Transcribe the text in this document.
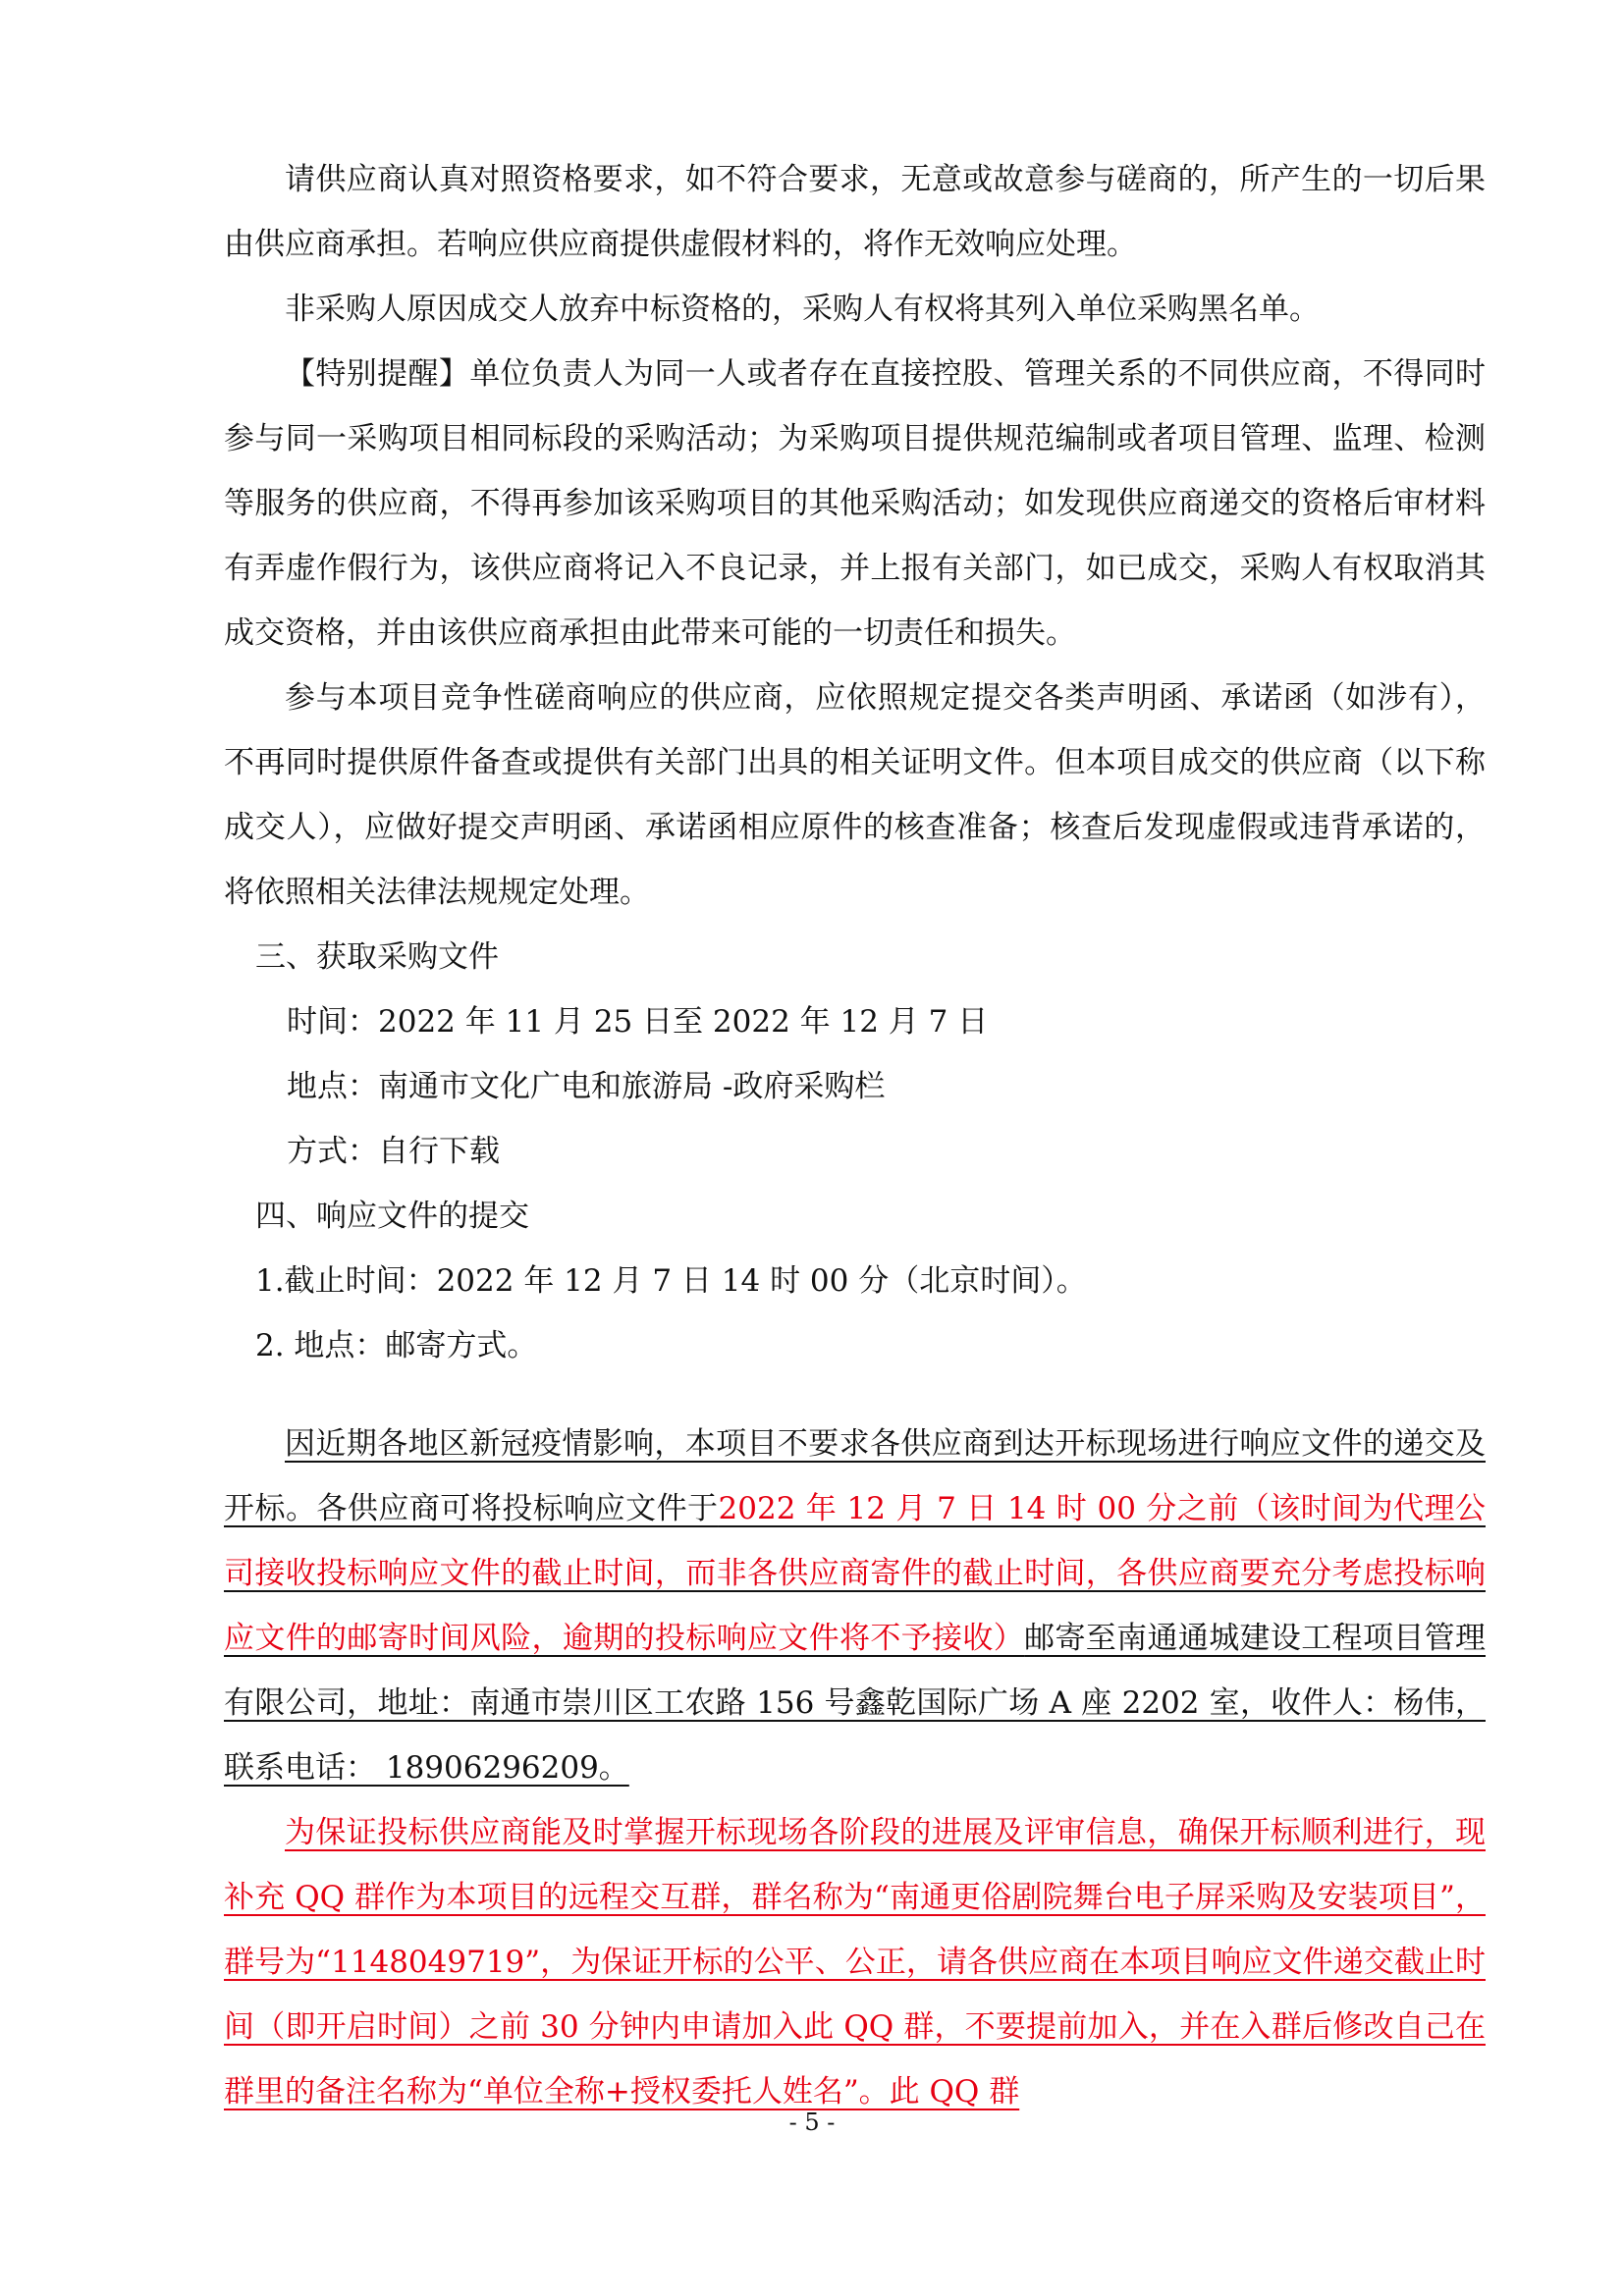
请供应商认真对照资格要求，如不符合要求，无意或故意参与磋商的，所产生的一切后果由供应商承担。若响应供应商提供虚假材料的，将作无效响应处理。

非采购人原因成交人放弃中标资格的，采购人有权将其列入单位采购黑名单。

【特别提醒】单位负责人为同一人或者存在直接控股、管理关系的不同供应商，不得同时参与同一采购项目相同标段的采购活动；为采购项目提供规范编制或者项目管理、监理、检测等服务的供应商，不得再参加该采购项目的其他采购活动；如发现供应商递交的资格后审材料有弄虚作假行为，该供应商将记入不良记录，并上报有关部门，如已成交，采购人有权取消其成交资格，并由该供应商承担由此带来可能的一切责任和损失。

参与本项目竞争性磋商响应的供应商，应依照规定提交各类声明函、承诺函（如涉有），不再同时提供原件备查或提供有关部门出具的相关证明文件。但本项目成交的供应商（以下称成交人），应做好提交声明函、承诺函相应原件的核查准备；核查后发现虚假或违背承诺的，将依照相关法律法规规定处理。

三、获取采购文件

时间：2022 年 11 月 25 日至 2022 年 12 月 7 日

地点：南通市文化广电和旅游局 -政府采购栏

方式：自行下载

四、响应文件的提交

1.截止时间：2022 年 12 月 7 日 14 时 00 分（北京时间）。

2. 地点：邮寄方式。

因近期各地区新冠疫情影响，本项目不要求各供应商到达开标现场进行响应文件的递交及开标。各供应商可将投标响应文件于2022 年 12 月 7 日 14 时 00 分之前（该时间为代理公司接收投标响应文件的截止时间，而非各供应商寄件的截止时间，各供应商要充分考虑投标响应文件的邮寄时间风险，逾期的投标响应文件将不予接收）邮寄至南通通城建设工程项目管理有限公司，地址：南通市崇川区工农路 156 号鑫乾国际广场 A 座 2202 室，收件人：杨伟，联系电话： 18906296209。

为保证投标供应商能及时掌握开标现场各阶段的进展及评审信息，确保开标顺利进行，现补充 QQ 群作为本项目的远程交互群，群名称为“南通更俗剧院舞台电子屏采购及安装项目”，群号为“1148049719”，为保证开标的公平、公正，请各供应商在本项目响应文件递交截止时间（即开启时间）之前 30 分钟内申请加入此 QQ 群，不要提前加入，并在入群后修改自己在群里的备注名称为“单位全称+授权委托人姓名”。此 QQ 群

- 5 -
